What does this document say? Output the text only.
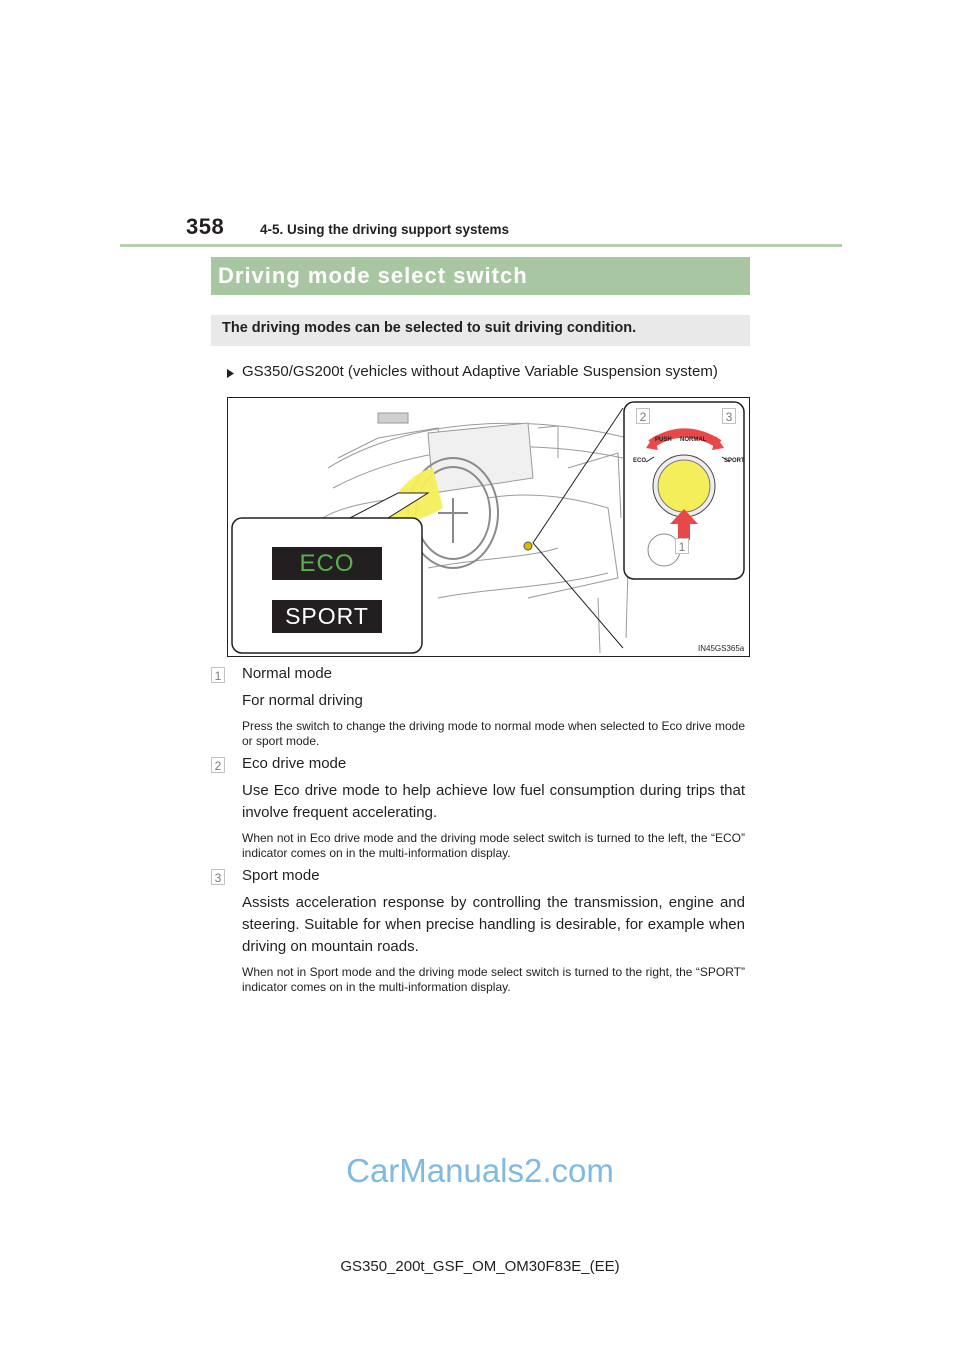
358	4-5. Using the driving support systems
Driving mode select switch
The driving modes can be selected to suit driving condition.
GS350/GS200t (vehicles without Adaptive Variable Suspension system)
PUSH NORMAL
ECO	SPORT
2	3
1
ECO
SPORT
IN45GS365a
1 Normal mode
For normal driving
Press the switch to change the driving mode to normal mode when selected to Eco drive mode or sport mode.
2 Eco drive mode
Use Eco drive mode to help achieve low fuel consumption during trips that involve frequent accelerating.
When not in Eco drive mode and the driving mode select switch is turned to the left, the “ECO” indicator comes on in the multi-information display.
3 Sport mode
Assists acceleration response by controlling the transmission, engine and steering. Suitable for when precise handling is desirable, for example when driving on mountain roads.
When not in Sport mode and the driving mode select switch is turned to the right, the “SPORT” indicator comes on in the multi-information display.
CarManuals2.com
GS350_200t_GSF_OM_OM30F83E_(EE)
